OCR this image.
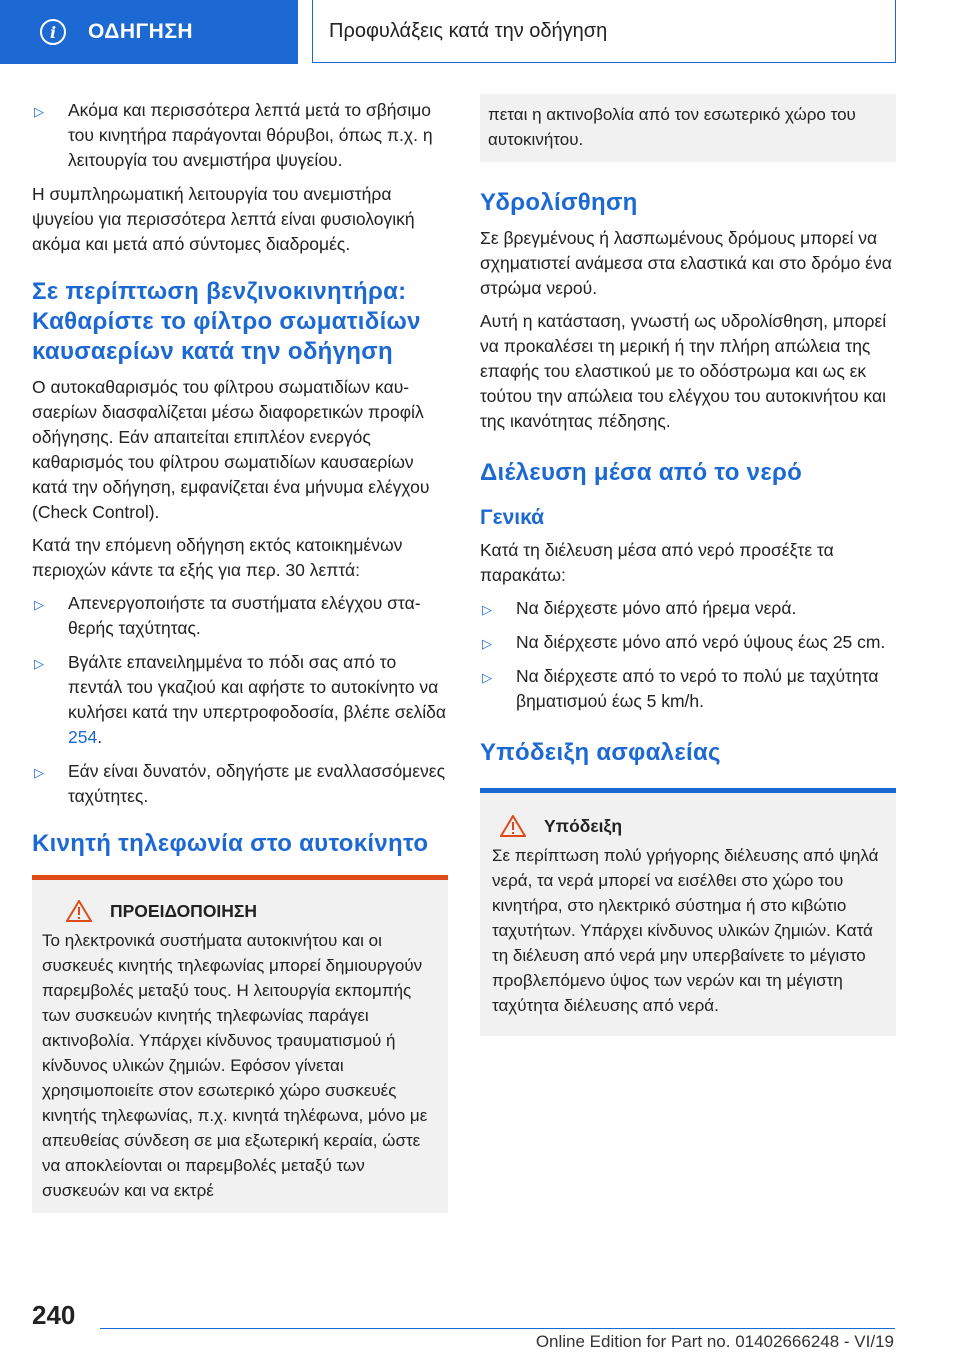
i	ΟΔΗΓΗΣΗ	Προφυλάξεις κατά την οδήγηση
▷ Ακόμα και περισσότερα λεπτά μετά το σβήσιμο του κινητήρα παράγονται θόρυβοι, όπως π.χ. η λειτουργία του ανεμιστήρα ψυγείου.

Η συμπληρωματική λειτουργία του ανεμιστήρα ψυγείου για περισσότερα λεπτά είναι φυσιολογική ακόμα και μετά από σύντομες διαδρομές.

Σε περίπτωση βενζινοκινητήρα: Καθαρίστε το φίλτρο σωματιδίων καυσαερίων κατά την οδήγηση

Ο αυτοκαθαρισμός του φίλτρου σωματιδίων καυσαερίων διασφαλίζεται μέσω διαφορετικών προφίλ οδήγησης. Εάν απαιτείται επιπλέον ενεργός καθαρισμός του φίλτρου σωματιδίων καυσαερίων κατά την οδήγηση, εμφανίζεται ένα μήνυμα ελέγχου (Check Control).

Κατά την επόμενη οδήγηση εκτός κατοικημένων περιοχών κάντε τα εξής για περ. 30 λεπτά:

▷ Απενεργοποιήστε τα συστήματα ελέγχου σταθερής ταχύτητας.
▷ Βγάλτε επανειλημμένα το πόδι σας από το πεντάλ του γκαζιού και αφήστε το αυτοκίνητο να κυλήσει κατά την υπερτροφοδοσία, βλέπε σελίδα 254.
▷ Εάν είναι δυνατόν, οδηγήστε με εναλλασσόμενες ταχύτητες.
Κινητή τηλεφωνία στο αυτοκίνητο
ΠΡΟΕΙΔΟΠΟΙΗΣΗ

Το ηλεκτρονικά συστήματα αυτοκινήτου και οι συσκευές κινητής τηλεφωνίας μπορεί δημιουργούν παρεμβολές μεταξύ τους. Η λειτουργία εκπομπής των συσκευών κινητής τηλεφωνίας παράγει ακτινοβολία. Υπάρχει κίνδυνος τραυματισμού ή κίνδυνος υλικών ζημιών. Εφόσον γίνεται χρησιμοποιείτε στον εσωτερικό χώρο συσκευές κινητής τηλεφωνίας, π.χ. κινητά τηλέφωνα, μόνο με απευθείας σύνδεση σε μια εξωτερική κεραία, ώστε να αποκλείονται οι παρεμβολές μεταξύ των συσκευών και να εκτρέ

πεται η ακτινοβολία από τον εσωτερικό χώρο του αυτοκινήτου.

Υδρολίσθηση

Σε βρεγμένους ή λασπωμένους δρόμους μπορεί να σχηματιστεί ανάμεσα στα ελαστικά και στο δρόμο ένα στρώμα νερού.

Αυτή η κατάσταση, γνωστή ως υδρολίσθηση, μπορεί να προκαλέσει τη μερική ή την πλήρη απώλεια της επαφής του ελαστικού με το οδόστρωμα και ως εκ τούτου την απώλεια του ελέγχου του αυτοκινήτου και της ικανότητας πέδησης.

Διέλευση μέσα από το νερό
Γενικά

Κατά τη διέλευση μέσα από νερό προσέξτε τα παρακάτω:

▷ Να διέρχεστε μόνο από ήρεμα νερά.
▷ Να διέρχεστε μόνο από νερό ύψους έως 25 cm.
▷ Να διέρχεστε από το νερό το πολύ με ταχύτητα βηματισμού έως 5 km/h.
Υπόδειξη ασφαλείας
Υπόδειξη

Σε περίπτωση πολύ γρήγορης διέλευσης από ψηλά νερά, τα νερά μπορεί να εισέλθει στο χώρο του κινητήρα, στο ηλεκτρικό σύστημα ή στο κιβώτιο ταχυτήτων. Υπάρχει κίνδυνος υλικών ζημιών. Κατά τη διέλευση από νερά μην υπερβαίνετε το μέγιστο προβλεπόμενο ύψος των νερών και τη μέγιστη ταχύτητα διέλευσης από νερά.

240
Online Edition for Part no. 01402666248 - VI/19
